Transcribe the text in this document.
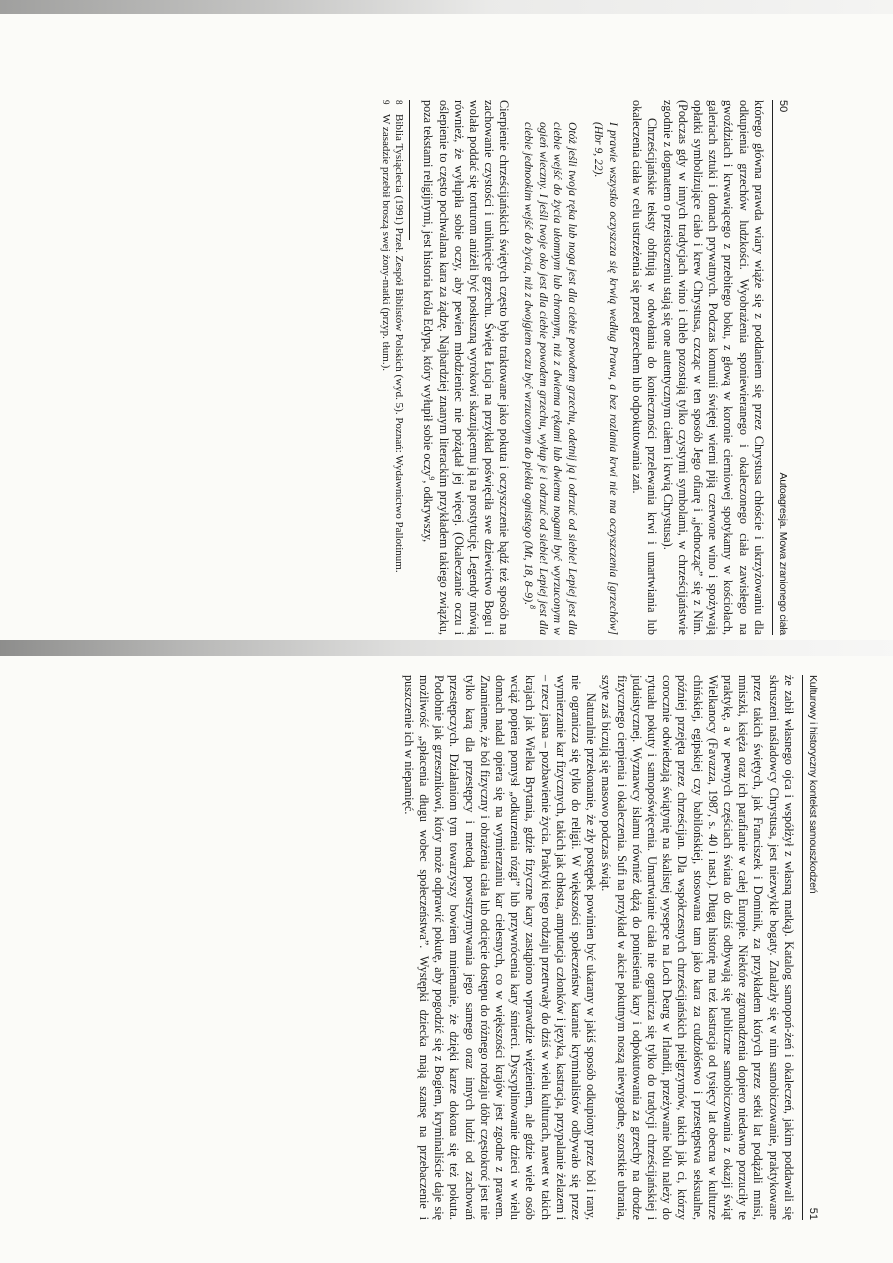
50
Autoagresja. Mowa zranionego ciała

którego główna prawda wiary wiąże się z poddaniem się przez Chrystusa chłoście i ukrzyżowaniu dla odkupienia grzechów ludzkości. Wyobrażenia sponiewieranego i okaleczonego ciała zawisłego na gwoździach i krwawiącego z przebitego boku, z głową w koronie cierniowej spotykamy w kościołach, galeriach sztuki i domach prywatnych. Podczas komunii świętej wierni piją czerwone wino i spożywają opłatki symbolizujące ciało i krew Chrystusa, czcząc w ten sposób Jego ofiarę i „jednocząc” się z Nim. (Podczas gdy w innych tradycjach wino i chleb pozostają tylko czystymi symbolami, w chrześcijaństwie zgodnie z dogmatem o przeistoczeniu stają się one autentycznym ciałem i krwią Chrystusa).

Chrześcijańskie teksty obfitują w odwołania do konieczności przelewania krwi i umartwiania lub okaleczenia ciała w celu ustrzeżenia się przed grzechem lub odpokutowania zań.

I prawie wszystko oczyszcza się krwią według Prawa, a bez rozlania krwi nie ma oczyszczenia [grzechów] (Hbr 9, 22).

Otóż jeśli twoja ręka lub noga jest dla ciebie powodem grzechu, odetnij ją i odrzuć od siebie! Lepiej jest dla ciebie wejść do życia ułomnym lub chromym, niż z dwiema rękami lub dwiema nogami być wyrzuconym w ogień wieczny. I jeśli twoje oko jest dla ciebie powodem grzechu, wyłup je i odrzuć od siebie! Lepiej jest dla ciebie jednookim wejść do życia, niż z dwojgiem oczu być wrzuconym do piekła ognistego (Mt, 18, 8–9).$^8$

Cierpienie chrześcijańskich świętych często było traktowane jako pokuta i oczyszczenie bądź też sposób na zachowanie czystości i uniknięcie grzechu. Święta Łucja na przykład poświęciła swe dziewictwo Bogu i wolała poddać się torturom aniżeli być posłuszną wyrokowi skazującemu ją na prostytucję. Legendy mówią również, że wyłupiła sobie oczy, aby pewien młodzieniec nie pożądał jej więcej. (Okaleczanie oczu i oślepienie to często pochwalana kara za żądzę. Najbardziej znanym literackim przykładem takiego związku, poza tekstami religijnymi, jest historia króla Edypa, który wyłupił sobie oczy$^9$, odkrywszy,

8
Biblia Tysiąclecia (1991) Przeł. Zespół Biblistów Polskich (wyd. 5). Poznań: Wydawnictwo Pallotinum.
9
W zasadzie przebił broszą swej żony-matki (przyp. tłum.).
Kulturowy i historyczny kontekst samouszkodzeń
51

że zabił własnego ojca i współżył z własną matką). Katalog samopoń-żeń i okaleczeń, jakim poddawali się skruszeni naśladowcy Chrystusa, jest niezwykle bogaty. Znalazły się w nim samobiczowanie, praktykowane przez takich świętych, jak Franciszek i Dominik, za przykładem których przez setki lat podążali mnisi, mniszki, księża oraz ich parafianie w całej Europie. Niektóre zgromadzenia dopiero niedawno porzuciły te praktykę, a w pewnych częściach świata do dziś odbywają się publiczne samobiczowania z okazji świąt Wielkanocy (Favazza, 1987, s. 40 i nast.). Długą historię ma też kastracja od tysięcy lat obecna w kulturze chińskiej, egipskiej czy babilońskiej, stosowana tam jako kara za cudzołóstwo i przestępstwa seksualne, później przejęta przez chrześcijan. Dla współczesnych chrześcijańskich pielgrzymów, takich jak ci, którzy corocznie odwiedzają świątynię na skalistej wysepce na Loch Dearg w Irlandii, przeżywanie bólu należy do rytuału pokuty i samopoświęcenia. Umartwianie ciała nie ogranicza się tylko do tradycji chrześcijańskiej i judaistycznej. Wyznawcy islamu również dążą do poniesienia kary i odpokutowania za grzechy na drodze fizycznego cierpienia i okaleczenia. Sufi na przykład w akcie pokutnym noszą niewygodne, szorstkie ubrania, szyte zaś biczują się masowo podczas świąt.

Naturalnie przekonanie, że zły postępek powinien być ukarany w jakiś sposób odkupiony przez ból i rany, nie ogranicza się tylko do religii. W większości społeczeństw karanie kryminalistów odbywało się przez wymierzanie kar fizycznych, takich jak chłosta, amputacja członków i języka, kastracja, przypalanie żelazem i – rzecz jasna – pozbawienie życia. Praktyki tego rodzaju przetrwały do dziś w wielu kulturach, nawet w takich krajach jak Wielka Brytania, gdzie fizyczne kary zastąpiono wprawdzie więzieniem, ale gdzie wiele osób wciąż popiera pomysł „odkurzenia rózgi” lub przywrócenia kary śmierci. Dyscyplinowanie dzieci w wielu domach nadal opiera się na wymierzaniu kar cielesnych, co w większości krajów jest zgodne z prawem. Znamienne, że ból fizyczny i obrażenia ciała lub odcięcie dostępu do różnego rodzaju dóbr częstokroć jest nie tylko karą dla przestępcy i metodą powstrzymywania jego samego oraz innych ludzi od zachowań przestępczych. Działaniom tym towarzyszy bowiem mniemanie, że dzięki karze dokona się też pokuta. Podobnie jak grzesznikowi, który może odprawić pokutę, aby pogodzić się z Bogiem, kryminaliście daje się możliwość „spłacenia długu wobec społeczeństwa”. Występki dziecka mają szansę na przebaczenie i puszczenie ich w niepamięć.
